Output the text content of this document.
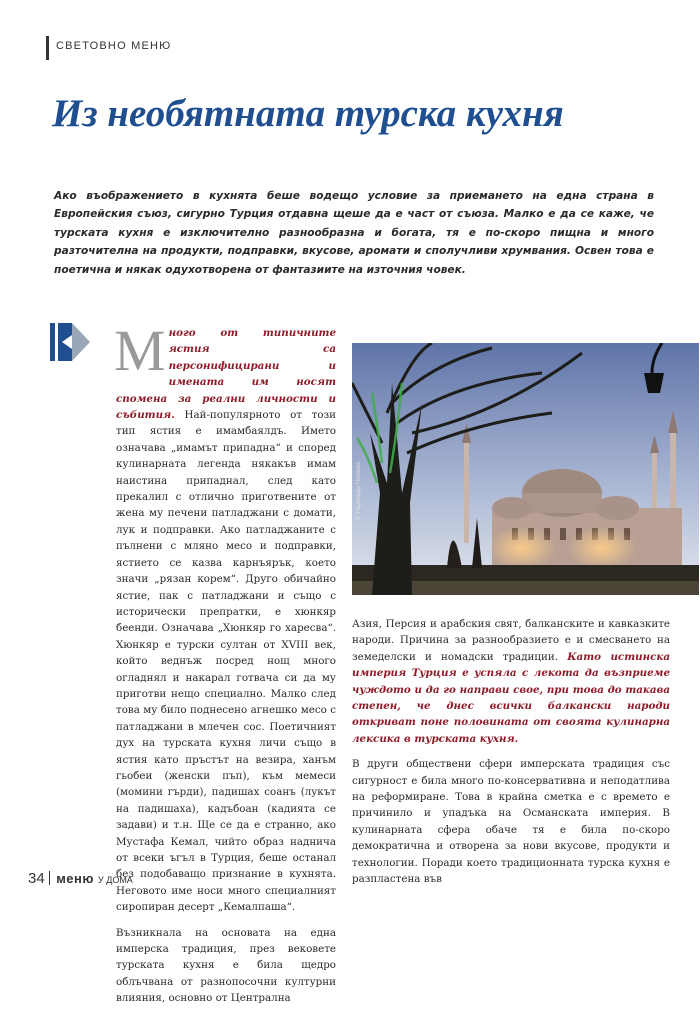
СВЕТОВНО МЕНЮ
Из необятната турска кухня
Ако въображението в кухнята беше водещо условие за приемането на една страна в Европейския съюз, сигурно Турция отдавна щеше да е част от съюза. Малко е да се каже, че турската кухня е изключително разнообразна и богата, тя е по-скоро пищна и много разточителна на продукти, подправки, вкусове, аромати и сполучливи хрумвания. Освен това е поетична и някак одухотворена от фантазиите на източния човек.

Много от типичните ястия са персонифицирани и имената им носят спомена за реални личности и събития. Най-популярното от този тип ястия е имамбаялдъ. Името означава „имамът припадна“ и според кулинарната легенда някакъв имам наистина припаднал, след като прекалил с отлично приготвените от жена му печени патладжани с домати, лук и подправки. Ако патладжаните с пълнени с мляно месо и подправки, ястието се казва карнъярък, което значи „рязан корем“. Друго обичайно ястие, пак с патладжани и също с исторически препратки, е хюнкяр беенди. Означава „Хюнкяр го харесва“. Хюнкяр е турски султан от XVIII век, който веднъж посред нощ много огладнял и накарал готвача си да му приготви нещо специално. Малко след това му било поднесено агнешко месо с патладжани в млечен сос. Поетичният дух на турската кухня личи също в ястия като пръстът на везира, ханъм гьобеи (женски пъп), към мемеси (момини гърди), падишах соанъ (лукът на падишаха), кадъбоан (кадията се задави) и т.н. Ще се да е странно, ако Мустафа Кемал, чийто образ надничa от всеки ъгъл в Турция, беше останал без подобаващо признание в кухнята. Неговото име носи много специалният сиропиран десерт „Кемалпаша“.

Възникнала на основата на една имперска традиция, през вековете турската кухня е била щедро облъчвана от разнопосочни културни влияния, основно от Централна

© Надежда Чипева

Азия, Персия и арабския свят, балканските и кавказките народи. Причина за разнообразието е и смесването на земеделски и номадски традиции. Като истинска империя Турция е успяла с лекота да възприеме чуждото и да го направи свое, при това до такава степен, че днес всички балкански народи откриват поне половината от своята кулинарна лексика в турската кухня.

В други обществени сфери имперската традиция със сигурност е била много по-консервативна и неподатлива на реформиране. Това в крайна сметка е с времето е причинило и упадъка на Османската империя. В кулинарната сфера обаче тя е била по-скоро демократична и отворена за нови вкусове, продукти и технологии. Поради което традиционната турска кухня е разпластена във

34 меню У ДОМА
